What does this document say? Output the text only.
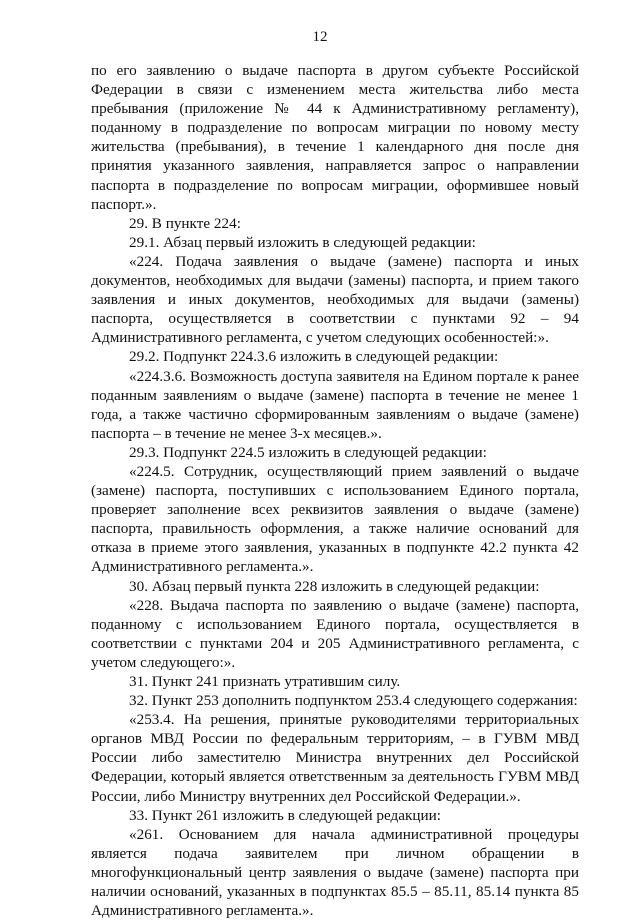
12

по его заявлению о выдаче паспорта в другом субъекте Российской Федерации в связи с изменением места жительства либо места пребывания (приложение № 44 к Административному регламенту), поданному в подразделение по вопросам миграции по новому месту жительства (пребывания), в течение 1 календарного дня после дня принятия указанного заявления, направляется запрос о направлении паспорта в подразделение по вопросам миграции, оформившее новый паспорт.».

29. В пункте 224:

29.1. Абзац первый изложить в следующей редакции:

«224. Подача заявления о выдаче (замене) паспорта и иных документов, необходимых для выдачи (замены) паспорта, и прием такого заявления и иных документов, необходимых для выдачи (замены) паспорта, осуществляется в соответствии с пунктами 92 – 94 Административного регламента, с учетом следующих особенностей:».

29.2. Подпункт 224.3.6 изложить в следующей редакции:

«224.3.6. Возможность доступа заявителя на Едином портале к ранее поданным заявлениям о выдаче (замене) паспорта в течение не менее 1 года, а также частично сформированным заявлениям о выдаче (замене) паспорта – в течение не менее 3-х месяцев.».

29.3. Подпункт 224.5 изложить в следующей редакции:

«224.5. Сотрудник, осуществляющий прием заявлений о выдаче (замене) паспорта, поступивших с использованием Единого портала, проверяет заполнение всех реквизитов заявления о выдаче (замене) паспорта, правильность оформления, а также наличие оснований для отказа в приеме этого заявления, указанных в подпункте 42.2 пункта 42 Административного регламента.».

30. Абзац первый пункта 228 изложить в следующей редакции:

«228. Выдача паспорта по заявлению о выдаче (замене) паспорта, поданному с использованием Единого портала, осуществляется в соответствии с пунктами 204 и 205 Административного регламента, с учетом следующего:».

31. Пункт 241 признать утратившим силу.

32. Пункт 253 дополнить подпунктом 253.4 следующего содержания:

«253.4. На решения, принятые руководителями территориальных органов МВД России по федеральным территориям, – в ГУВМ МВД России либо заместителю Министра внутренних дел Российской Федерации, который является ответственным за деятельность ГУВМ МВД России, либо Министру внутренних дел Российской Федерации.».

33. Пункт 261 изложить в следующей редакции:

«261. Основанием для начала административной процедуры является подача заявителем при личном обращении в многофункциональный центр заявления о выдаче (замене) паспорта при наличии оснований, указанных в подпунктах 85.5 – 85.11, 85.14 пункта 85 Административного регламента.».
